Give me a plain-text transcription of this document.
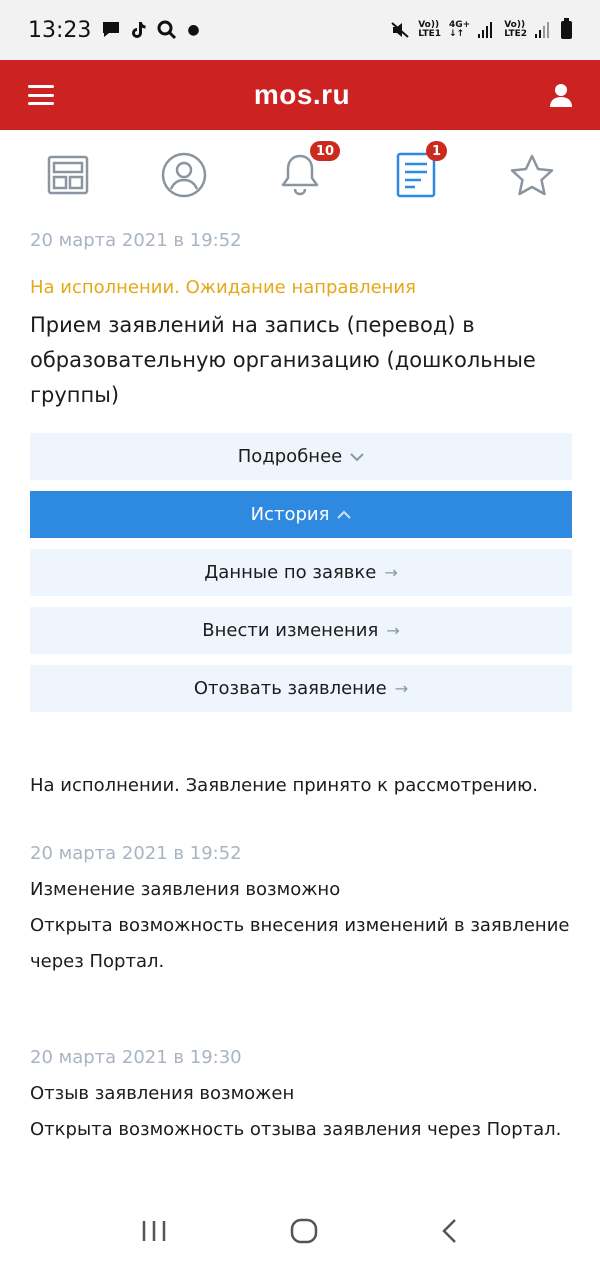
13:23	●	Vo))
LTE1
4G+
↓↑
Vo))
LTE2
mos.ru
10	1
20 марта 2021 в 19:52
На исполнении. Ожидание направления
Прием заявлений на запись (перевод) в образовательную организацию (дошкольные группы)
Подробнее
История
Данные по заявке →
Внести изменения →
Отозвать заявление →
На исполнении. Заявление принято к рассмотрению.
20 марта 2021 в 19:52
Изменение заявления возможно
Открыта возможность внесения изменений в заявление через Портал.
20 марта 2021 в 19:30
Отзыв заявления возможен
Открыта возможность отзыва заявления через Портал.
